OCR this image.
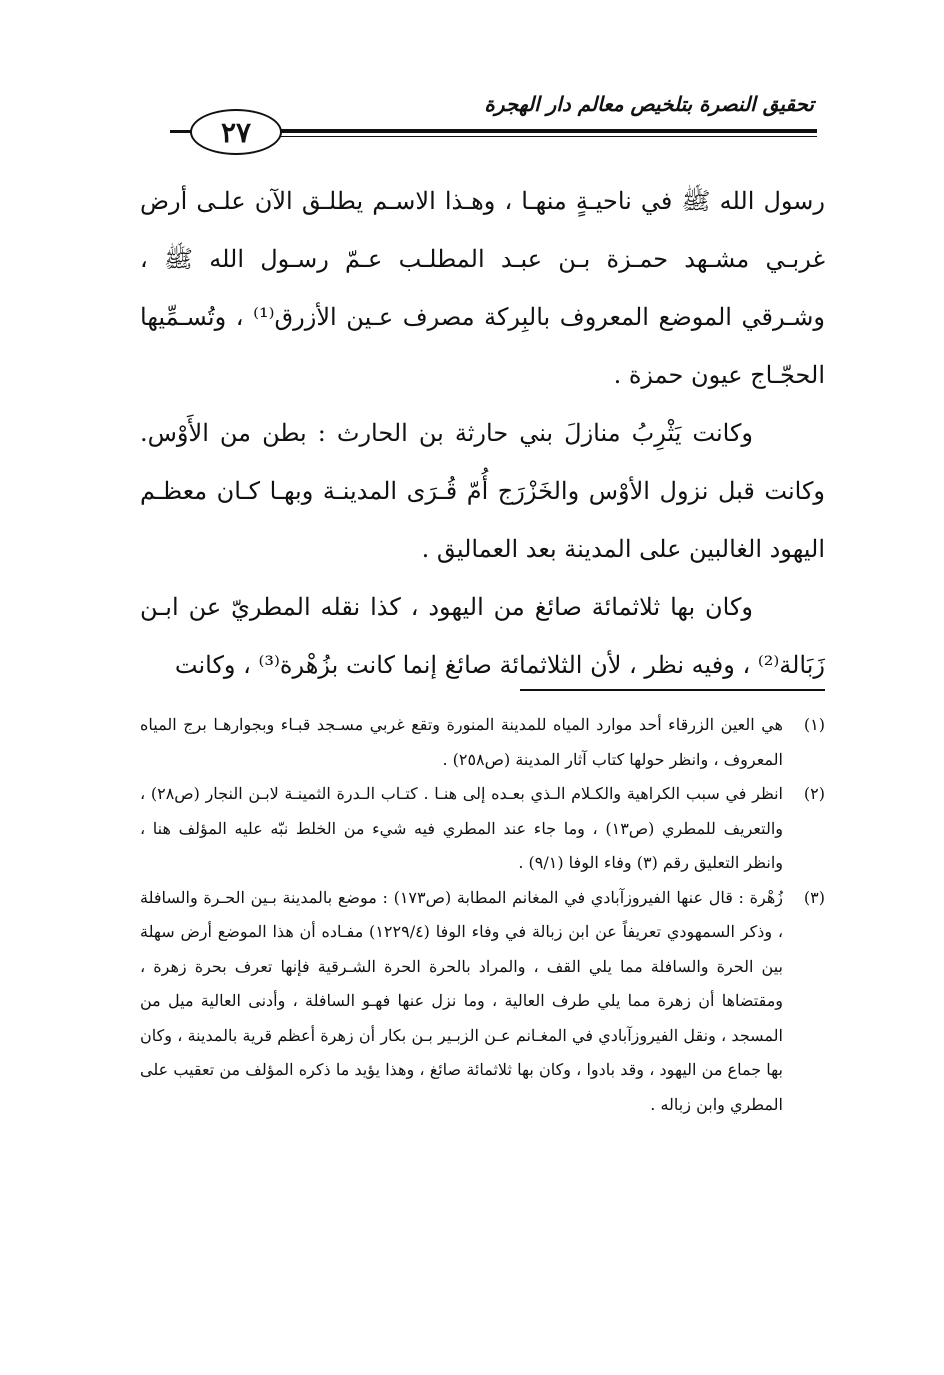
تحقيق النصرة بتلخيص معالم دار الهجرة
٢٧

رسول الله ﷺ في ناحيـةٍ منهـا ، وهـذا الاسـم يطلـق الآن علـى أرض غربـي مشـهد حمـزة بـن عبـد المطلـب عـمّ رسـول الله ﷺ ، وشـرقي الموضع المعروف بالبِركة مصرف عـين الأزرق⁽¹⁾ ، وتُسـمِّيها الحجّـاج عيون حمزة .

وكانت يَثْرِبُ منازلَ بني حارثة بن الحارث : بطن من الأَوْس. وكانت قبل نزول الأوْس والخَزْرَج أُمّ قُـرَى المدينـة وبهـا كـان معظـم اليهود الغالبين على المدينة بعد العماليق .

وكان بها ثلاثمائة صائغ من اليهود ، كذا نقله المطريّ عن ابـن زَبَالة⁽²⁾ ، وفيه نظر ، لأن الثلاثمائة صائغ إنما كانت بزُهْرة⁽³⁾ ، وكانت

(١)
هي العين الزرقاء أحد موارد المياه للمدينة المنورة وتقع غربي مسـجد قبـاء وبجوارهـا برج المياه المعروف ، وانظر حولها كتاب آثار المدينة (ص٢٥٨) .
(٢)
انظر في سبب الكراهية والكـلام الـذي بعـده إلى هنـا . كتـاب الـدرة الثمينـة لابـن النجار (ص٢٨) ، والتعريف للمطري (ص١٣) ، وما جاء عند المطري فيه شيء من الخلط نبّه عليه المؤلف هنا ، وانظر التعليق رقم (٣) وفاء الوفا (٩/١) .
(٣)
زُهْرة : قال عنها الفيروزآبادي في المغانم المطابة (ص١٧٣) : موضع بالمدينة بـين الحـرة والسافلة ، وذكر السمهودي تعريفاً عن ابن زبالة في وفاء الوفا (١٢٢٩/٤) مفـاده أن هذا الموضع أرض سهلة بين الحرة والسافلة مما يلي القف ، والمراد بالحرة الحرة الشـرقية فإنها تعرف بحرة زهرة ، ومقتضاها أن زهرة مما يلي طرف العالية ، وما نزل عنها فهـو السافلة ، وأدنى العالية ميل من المسجد ، ونقل الفيروزآبادي في المغـانم عـن الزبـير بـن بكار أن زهرة أعظم قرية بالمدينة ، وكان بها جماع من اليهود ، وقد بادوا ، وكان بها ثلاثمائة صائغ ، وهذا يؤيد ما ذكره المؤلف من تعقيب على المطري وابن زباله .
